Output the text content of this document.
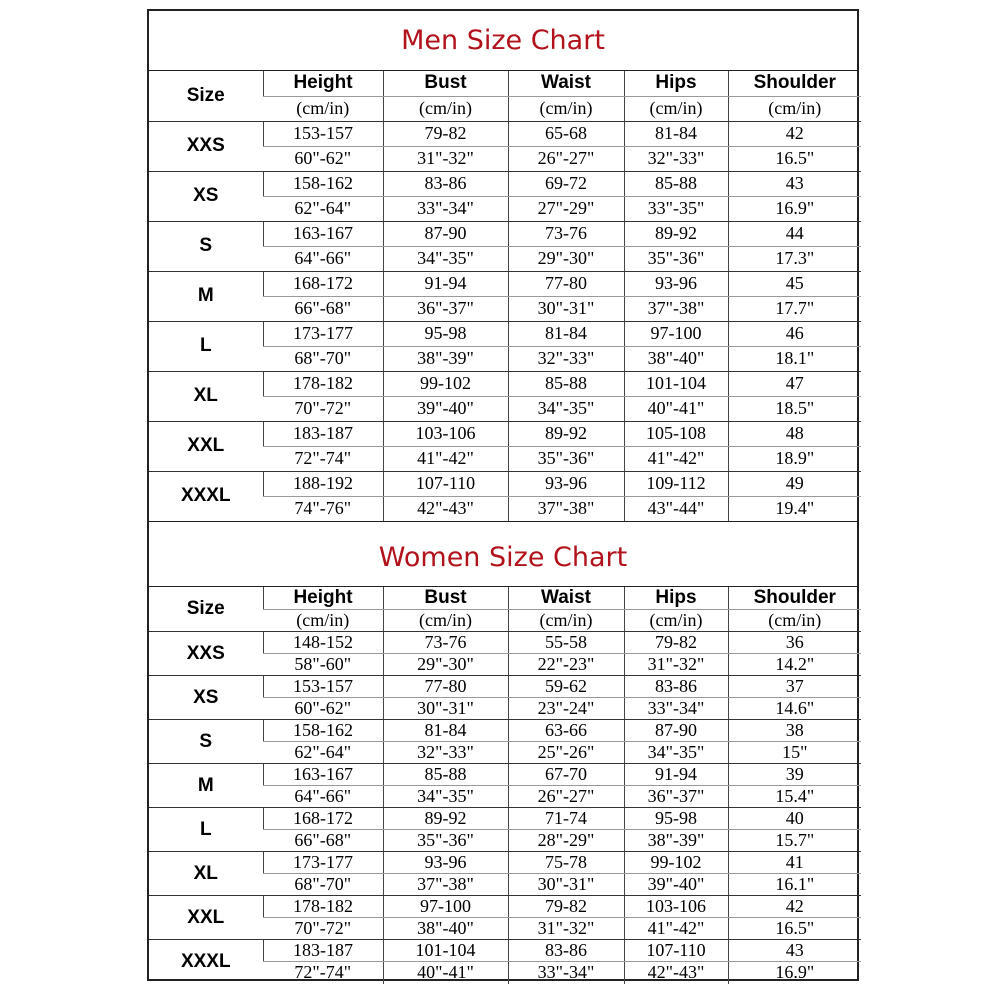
Men Size Chart
Size	Height	Bust	Waist	Hips	Shoulder
	(cm/in)	(cm/in)	(cm/in)	(cm/in)	(cm/in)
XXS	153-157	79-82	65-68	81-84	42
	60"-62"	31"-32"	26"-27"	32"-33"	16.5"
XS	158-162	83-86	69-72	85-88	43
	62"-64"	33"-34"	27"-29"	33"-35"	16.9"
S	163-167	87-90	73-76	89-92	44
	64"-66"	34"-35"	29"-30"	35"-36"	17.3"
M	168-172	91-94	77-80	93-96	45
	66"-68"	36"-37"	30"-31"	37"-38"	17.7"
L	173-177	95-98	81-84	97-100	46
	68"-70"	38"-39"	32"-33"	38"-40"	18.1"
XL	178-182	99-102	85-88	101-104	47
	70"-72"	39"-40"	34"-35"	40"-41"	18.5"
XXL	183-187	103-106	89-92	105-108	48
	72"-74"	41"-42"	35"-36"	41"-42"	18.9"
XXXL	188-192	107-110	93-96	109-112	49
	74"-76"	42"-43"	37"-38"	43"-44"	19.4"
Women Size Chart
Size	Height	Bust	Waist	Hips	Shoulder
	(cm/in)	(cm/in)	(cm/in)	(cm/in)	(cm/in)
XXS	148-152	73-76	55-58	79-82	36
	58"-60"	29"-30"	22"-23"	31"-32"	14.2"
XS	153-157	77-80	59-62	83-86	37
	60"-62"	30"-31"	23"-24"	33"-34"	14.6"
S	158-162	81-84	63-66	87-90	38
	62"-64"	32"-33"	25"-26"	34"-35"	15"
M	163-167	85-88	67-70	91-94	39
	64"-66"	34"-35"	26"-27"	36"-37"	15.4"
L	168-172	89-92	71-74	95-98	40
	66"-68"	35"-36"	28"-29"	38"-39"	15.7"
XL	173-177	93-96	75-78	99-102	41
	68"-70"	37"-38"	30"-31"	39"-40"	16.1"
XXL	178-182	97-100	79-82	103-106	42
	70"-72"	38"-40"	31"-32"	41"-42"	16.5"
XXXL	183-187	101-104	83-86	107-110	43
	72"-74"	40"-41"	33"-34"	42"-43"	16.9"
